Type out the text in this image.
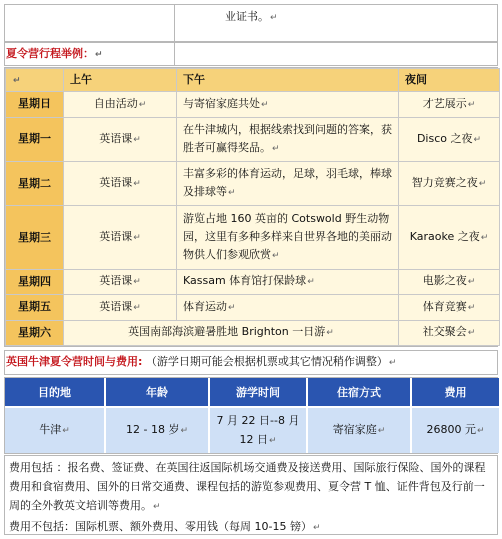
业证书。↵
夏令营行程举例：↵
↵	上午	下午	夜间
星期日	自由活动↵	与寄宿家庭共处↵	才艺展示↵
星期一	英语课↵	在牛津城内，根据线索找到问题的答案，获胜者可赢得奖品。↵	Disco 之夜↵
星期二	英语课↵	丰富多彩的体育运动，足球，羽毛球，棒球及排球等↵	智力竞赛之夜↵
星期三	英语课↵	游览占地 160 英亩的 Cotswold 野生动物园，这里有多种多样来自世界各地的美丽动物供人们参观欣赏↵	Karaoke 之夜↵
星期四	英语课↵	Kassam 体育馆打保龄球↵	电影之夜↵
星期五	英语课↵	体育运动↵	体育竞赛↵
星期六	英国南部海滨避暑胜地 Brighton 一日游↵		社交聚会↵
英国牛津夏令营时间与费用: （游学日期可能会根据机票或其它情况稍作调整）↵
目的地	年龄	游学时间	住宿方式	费用
牛津↵	12 - 18 岁↵	7 月 22 日--8 月 12 日↵	寄宿家庭↵	26800 元↵
费用包括 ：报名费、签证费、在英国往返国际机场交通费及接送费用、国际旅行保险、国外的课程费用和食宿费用、国外的日常交通费、课程包括的游览参观费用、夏令营 T 恤、证件背包及行前一周的全外教英文培训等费用。↵
费用不包括：国际机票、额外费用、零用钱（每周 10-15 镑）↵
